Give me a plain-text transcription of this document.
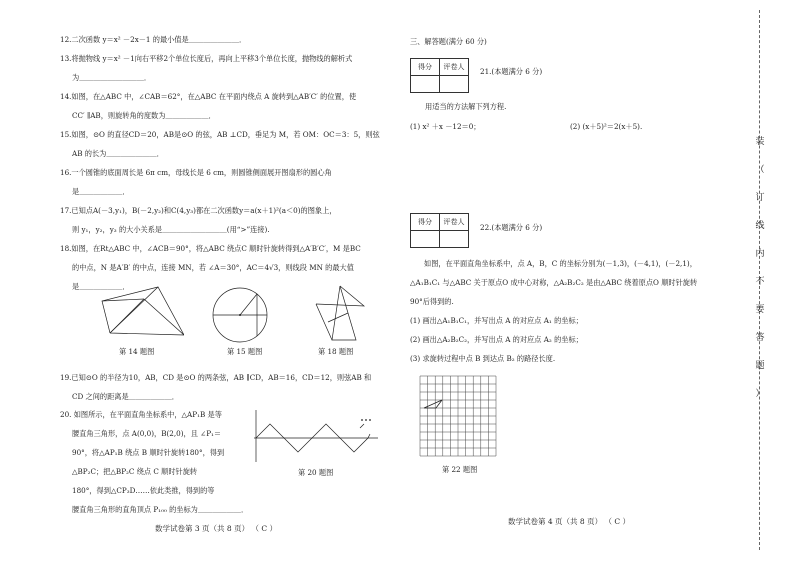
12.二次函数 y＝x² －2x－1 的最小值是＿＿＿＿＿＿＿．
13.将抛物线 y＝x² －1向右平移2个单位长度后，再向上平移3个单位长度，抛物线的解析式
为＿＿＿＿＿＿＿＿＿．
14.如图，在△ABC 中，∠CAB＝62°，在△ABC 在平面内绕点 A 旋转到△AB′C′ 的位置，使
CC′ ∥AB，则旋转角的度数为＿＿＿＿＿＿．
15.如图，⊙O 的直径CD＝20，AB是⊙O 的弦，AB ⊥CD，垂足为 M，若 OM：OC＝3：5，则弦
AB 的长为＿＿＿＿＿＿＿．
16.一个圆锥的底面周长是 6π cm，母线长是 6 cm，则圆锥侧面展开图扇形的圆心角
是＿＿＿＿＿＿．
17.已知点A(－3,y₁)，B(－2,y₂)和C(4,y₃)都在二次函数y＝a(x＋1)²(a＜0)的图象上，
则 y₁，y₂，y₃ 的大小关系是＿＿＿＿＿＿＿＿＿(用“>”连接).
18.如图，在Rt△ABC 中，∠ACB＝90°，将△ABC 绕点C 顺时针旋转得到△A′B′C′，M 是BC
的中点，N 是A′B′ 的中点，连接 MN，若 ∠A＝30°，AC＝4√3，则线段 MN 的最大值
是＿＿＿＿＿＿．
第 14 题图	第 15 题图	第 18 题图
19.已知⊙O 的半径为10，AB，CD 是⊙O 的两条弦，AB ∥CD，AB＝16，CD＝12，则弦AB 和
CD 之间的距离是＿＿＿＿＿＿．
20. 如图所示，在平面直角坐标系中，△AP₁B 是等
腰直角三角形，点 A(0,0)，B(2,0)，且 ∠P₁＝
90°，将△AP₁B 绕点 B 顺时针旋转180°，得到
△BP₂C；把△BP₂C 绕点 C 顺时针旋转
180°，得到△CP₃D……依此类推，得到的等
腰直角三角形的直角顶点 P₁₀₀ 的坐标为＿＿＿＿＿＿．
第 20 题图
数学试卷第 3 页（共 8 页） （ C ）
三、解答题(满分 60 分)
得分	评卷人

21.(本题满分 6 分)
用适当的方法解下列方程.
(1) x² ＋x －12＝0；	(2) (x＋5)²＝2(x＋5).
得分	评卷人

22.(本题满分 6 分)
如图，在平面直角坐标系中，点 A，B，C 的坐标分别为(－1,3)，(－4,1)，(－2,1)，
△A₁B₁C₁ 与△ABC 关于原点O 成中心对称，△A₂B₂C₂ 是由△ABC 绕着原点O 顺时针旋转
90°后得到的.
(1) 画出△A₁B₁C₁，并写出点 A 的对应点 A₁ 的坐标；
(2) 画出△A₂B₂C₂，并写出点 A 的对应点 A₂ 的坐标；
(3) 求旋转过程中点 B 到达点 B₂ 的路径长度.
第 22 题图
数学试卷第 4 页（共 8 页） （ C ）
装
（
订
线
内
不
要
答
题
）
